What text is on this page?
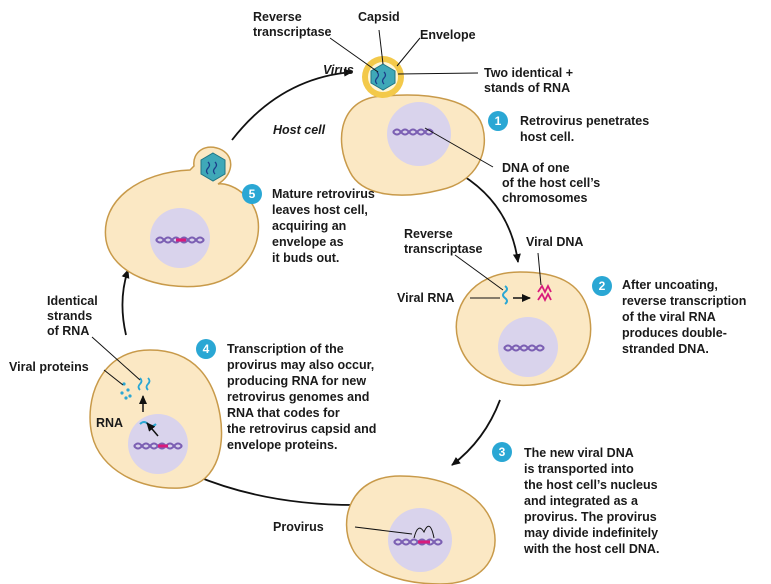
Reverse transcriptase
Capsid
Envelope
Virus	Two identical + stands of RNA
Host cell
DNA of one of the host cell’s chromosomes
Reverse transcriptase	Viral DNA
Viral RNA
Identical strands of RNA
Viral proteins
RNA
Provirus
1 Retrovirus penetrates host cell.
2 After uncoating, reverse transcription of the viral RNA produces double-stranded DNA.
3 The new viral DNA is transported into the host cell’s nucleus and integrated as a provirus. The provirus may divide indefinitely with the host cell DNA.
4 Transcription of the provirus may also occur, producing RNA for new retrovirus genomes and RNA that codes for the retrovirus capsid and envelope proteins.
5 Mature retrovirus leaves host cell, acquiring an envelope as it buds out.
